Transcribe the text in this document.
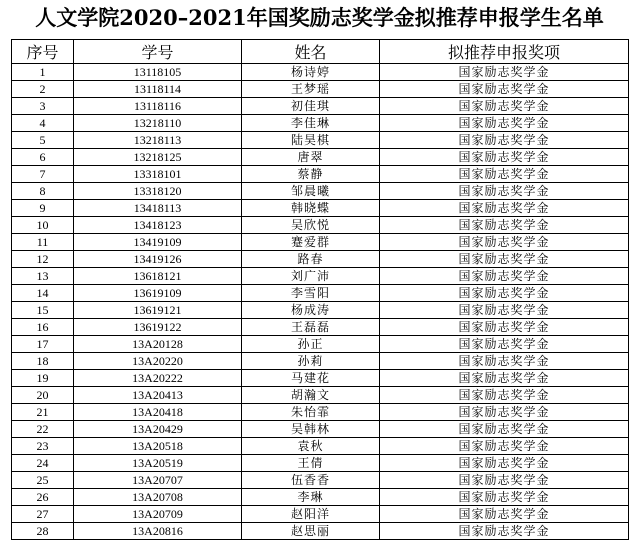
人文学院2020–2021年国奖励志奖学金拟推荐申报学生名单
序号	学号	姓名	拟推荐申报奖项
1	13118105	杨诗婷	国家励志奖学金
2	13118114	王梦瑶	国家励志奖学金
3	13118116	初佳琪	国家励志奖学金
4	13218110	李佳琳	国家励志奖学金
5	13218113	陆昊棋	国家励志奖学金
6	13218125	唐翠	国家励志奖学金
7	13318101	蔡静	国家励志奖学金
8	13318120	邹晨曦	国家励志奖学金
9	13418113	韩晓蝶	国家励志奖学金
10	13418123	吴欣悦	国家励志奖学金
11	13419109	蹇爱群	国家励志奖学金
12	13419126	路春	国家励志奖学金
13	13618121	刘广沛	国家励志奖学金
14	13619109	李雪阳	国家励志奖学金
15	13619121	杨成涛	国家励志奖学金
16	13619122	王磊磊	国家励志奖学金
17	13A20128	孙正	国家励志奖学金
18	13A20220	孙莉	国家励志奖学金
19	13A20222	马建花	国家励志奖学金
20	13A20413	胡瀚文	国家励志奖学金
21	13A20418	朱怡霏	国家励志奖学金
22	13A20429	吴韩林	国家励志奖学金
23	13A20518	袁秋	国家励志奖学金
24	13A20519	王倩	国家励志奖学金
25	13A20707	伍香香	国家励志奖学金
26	13A20708	李琳	国家励志奖学金
27	13A20709	赵阳洋	国家励志奖学金
28	13A20816	赵思丽	国家励志奖学金
